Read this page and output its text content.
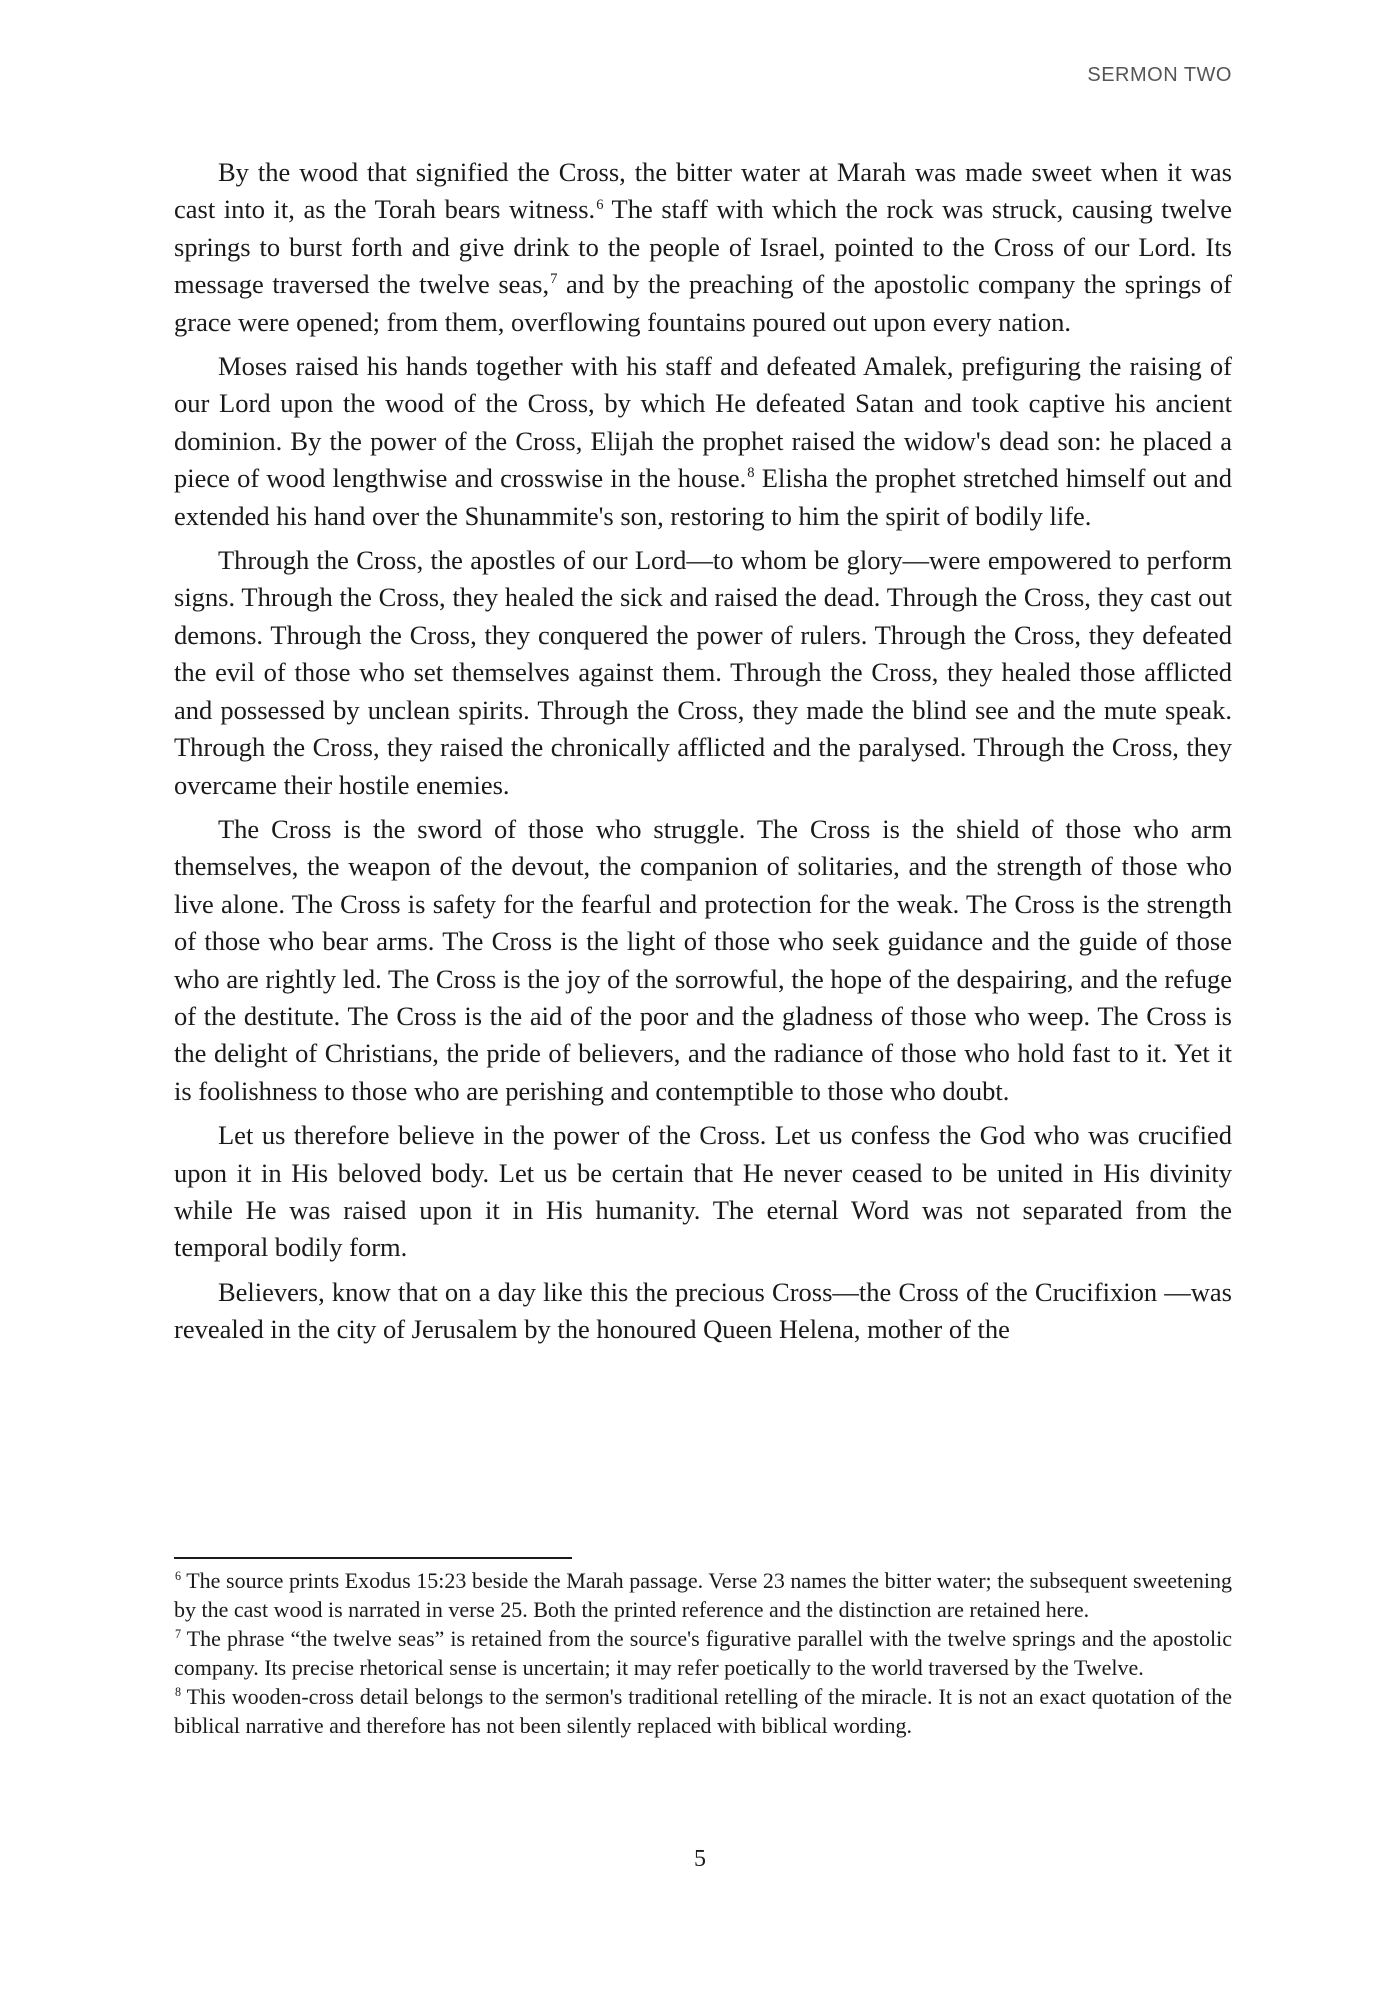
SERMON TWO

By the wood that signified the Cross, the bitter water at Marah was made sweet when it was cast into it, as the Torah bears witness.$^6$ The staff with which the rock was struck, causing twelve springs to burst forth and give drink to the people of Israel, pointed to the Cross of our Lord. Its message traversed the twelve seas,$^7$ and by the preaching of the apostolic company the springs of grace were opened; from them, overflowing fountains poured out upon every nation.

Moses raised his hands together with his staff and defeated Amalek, prefiguring the raising of our Lord upon the wood of the Cross, by which He defeated Satan and took captive his ancient dominion. By the power of the Cross, Elijah the prophet raised the widow's dead son: he placed a piece of wood lengthwise and crosswise in the house.$^8$ Elisha the prophet stretched himself out and extended his hand over the Shunammite's son, restoring to him the spirit of bodily life.

Through the Cross, the apostles of our Lord—to whom be glory—were empowered to perform signs. Through the Cross, they healed the sick and raised the dead. Through the Cross, they cast out demons. Through the Cross, they conquered the power of rulers. Through the Cross, they defeated the evil of those who set themselves against them. Through the Cross, they healed those afflicted and possessed by unclean spirits. Through the Cross, they made the blind see and the mute speak. Through the Cross, they raised the chronically afflicted and the paralysed. Through the Cross, they overcame their hostile enemies.

The Cross is the sword of those who struggle. The Cross is the shield of those who arm themselves, the weapon of the devout, the companion of solitaries, and the strength of those who live alone. The Cross is safety for the fearful and protection for the weak. The Cross is the strength of those who bear arms. The Cross is the light of those who seek guidance and the guide of those who are rightly led. The Cross is the joy of the sorrowful, the hope of the despairing, and the refuge of the destitute. The Cross is the aid of the poor and the gladness of those who weep. The Cross is the delight of Christians, the pride of believers, and the radiance of those who hold fast to it. Yet it is foolishness to those who are perishing and contemptible to those who doubt.

Let us therefore believe in the power of the Cross. Let us confess the God who was crucified upon it in His beloved body. Let us be certain that He never ceased to be united in His divinity while He was raised upon it in His humanity. The eternal Word was not separated from the temporal bodily form.

Believers, know that on a day like this the precious Cross—the Cross of the Crucifixion —was revealed in the city of Jerusalem by the honoured Queen Helena, mother of the

$^6$ The source prints Exodus 15:23 beside the Marah passage. Verse 23 names the bitter water; the subsequent sweetening by the cast wood is narrated in verse 25. Both the printed reference and the distinction are retained here.

$^7$ The phrase “the twelve seas” is retained from the source's figurative parallel with the twelve springs and the apostolic company. Its precise rhetorical sense is uncertain; it may refer poetically to the world traversed by the Twelve.

$^8$ This wooden-cross detail belongs to the sermon's traditional retelling of the miracle. It is not an exact quotation of the biblical narrative and therefore has not been silently replaced with biblical wording.

5
